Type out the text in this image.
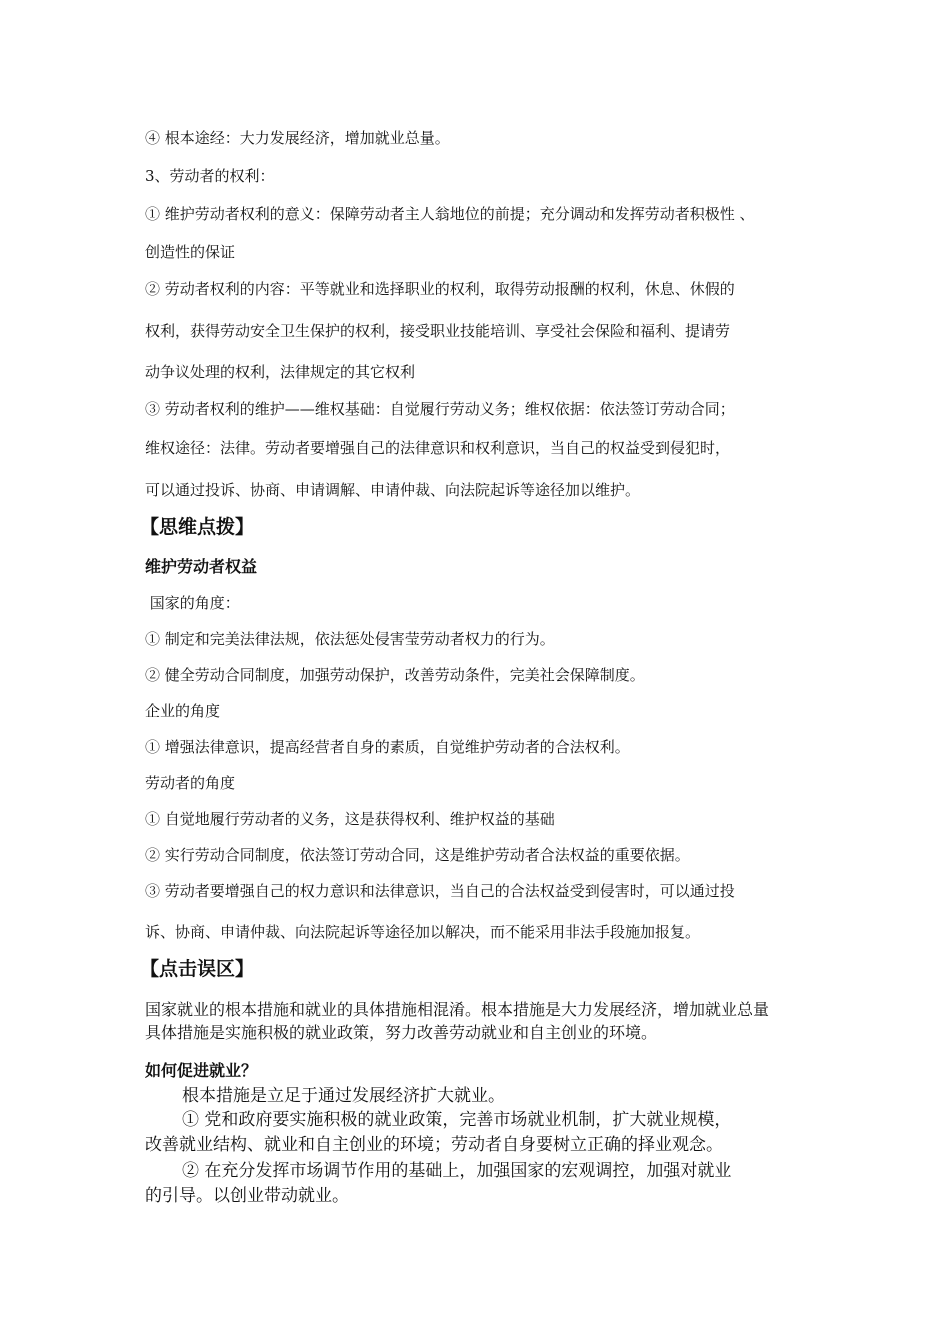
④ 根本途经：大力发展经济，增加就业总量。

3、劳动者的权利：

① 维护劳动者权利的意义：保障劳动者主人翁地位的前提；充分调动和发挥劳动者积极性 、

创造性的保证

② 劳动者权利的内容：平等就业和选择职业的权利，取得劳动报酬的权利，休息、休假的

权利，获得劳动安全卫生保护的权利，接受职业技能培训、享受社会保险和福利、提请劳

动争议处理的权利，法律规定的其它权利

③ 劳动者权利的维护——维权基础：自觉履行劳动义务；维权依据：依法签订劳动合同；

维权途径：法律。劳动者要增强自己的法律意识和权利意识，当自己的权益受到侵犯时，

可以通过投诉、协商、申请调解、申请仲裁、向法院起诉等途径加以维护。

【思维点拨】
维护劳动者权益

国家的角度：

① 制定和完美法律法规，依法惩处侵害莹劳动者权力的行为。

② 健全劳动合同制度，加强劳动保护，改善劳动条件，完美社会保障制度。

企业的角度

① 增强法律意识，提高经营者自身的素质，自觉维护劳动者的合法权利。

劳动者的角度

① 自觉地履行劳动者的义务，这是获得权利、维护权益的基础

② 实行劳动合同制度，依法签订劳动合同，这是维护劳动者合法权益的重要依据。

③ 劳动者要增强自己的权力意识和法律意识，当自己的合法权益受到侵害时，可以通过投

诉、协商、申请仲裁、向法院起诉等途径加以解决，而不能采用非法手段施加报复。

【点击误区】

国家就业的根本措施和就业的具体措施相混淆。根本措施是大力发展经济，增加就业总量

具体措施是实施积极的就业政策，努力改善劳动就业和自主创业的环境。

如何促进就业？

根本措施是立足于通过发展经济扩大就业。

① 党和政府要实施积极的就业政策，完善市场就业机制，扩大就业规模，

改善就业结构、就业和自主创业的环境；劳动者自身要树立正确的择业观念。

② 在充分发挥市场调节作用的基础上，加强国家的宏观调控，加强对就业

的引导。以创业带动就业。
